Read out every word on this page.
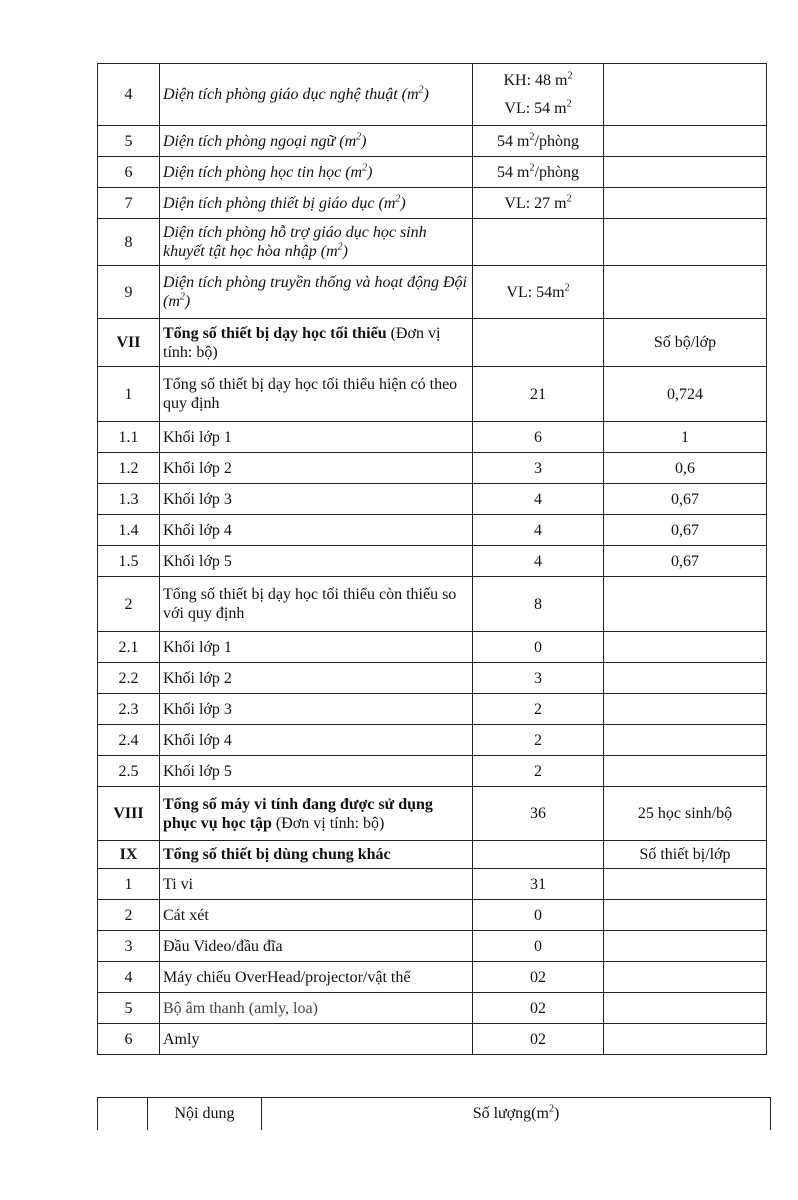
4	Diện tích phòng giáo dục nghệ thuật $(m^2)$	KH: 48 $m^2$
VL: 54 $m^2$

5	Diện tích phòng ngoại ngữ $(m^2)$	54 $m^2$/phòng	
6	Diện tích phòng học tin học $(m^2)$	54 $m^2$/phòng	
7	Diện tích phòng thiết bị giáo dục $(m^2)$	VL: 27 $m^2$	
8	Diện tích phòng hỗ trợ giáo dục học sinh khuyết tật học hòa nhập $(m^2)$		
9	Diện tích phòng truyền thống và hoạt động Đội $(m^2)$	VL: $54m^2$	
VII	Tổng số thiết bị dạy học tối thiểu (Đơn vị tính: bộ)		Số bộ/lớp
1	Tổng số thiết bị dạy học tối thiểu hiện có theo quy định	21	0,724
1.1	Khối lớp 1	6	1
1.2	Khối lớp 2	3	0,6
1.3	Khối lớp 3	4	0,67
1.4	Khối lớp 4	4	0,67
1.5	Khối lớp 5	4	0,67
2	Tổng số thiết bị dạy học tối thiểu còn thiếu so với quy định	8	
2.1	Khối lớp 1	0	
2.2	Khối lớp 2	3	
2.3	Khối lớp 3	2	
2.4	Khối lớp 4	2	
2.5	Khối lớp 5	2	
VIII	Tổng số máy vi tính đang được sử dụng phục vụ học tập (Đơn vị tính: bộ)	36	25 học sinh/bộ
IX	Tổng số thiết bị dùng chung khác		Số thiết bị/lớp
1	Ti vi	31	
2	Cát xét	0	
3	Đầu Video/đầu đĩa	0	
4	Máy chiếu OverHead/projector/vật thể	02	
5	Bộ âm thanh (amly, loa)	02	
6	Amly	02	
	Nội dung	Số $lượng(m^2)$
